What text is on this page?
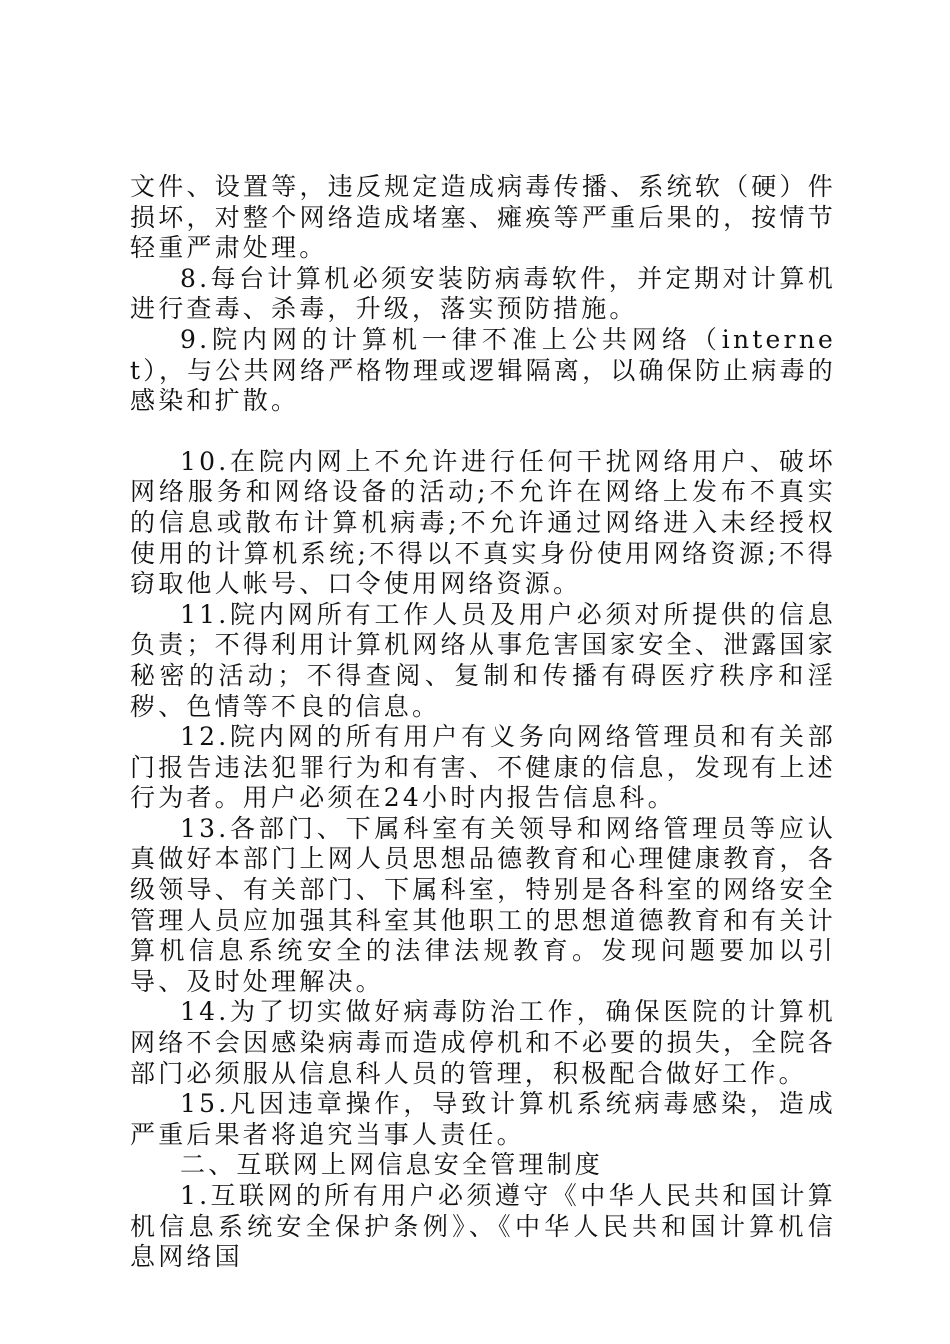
文件、设置等，违反规定造成病毒传播、系统软（硬）件损坏，对整个网络造成堵塞、瘫痪等严重后果的，按情节轻重严肃处理。

8.每台计算机必须安装防病毒软件，并定期对计算机进行查毒、杀毒，升级，落实预防措施。

9.院内网的计算机一律不准上公共网络（internet），与公共网络严格物理或逻辑隔离，以确保防止病毒的感染和扩散。

10.在院内网上不允许进行任何干扰网络用户、破坏网络服务和网络设备的活动;不允许在网络上发布不真实的信息或散布计算机病毒;不允许通过网络进入未经授权使用的计算机系统;不得以不真实身份使用网络资源;不得窃取他人帐号、口令使用网络资源。

11.院内网所有工作人员及用户必须对所提供的信息负责；不得利用计算机网络从事危害国家安全、泄露国家秘密的活动；不得查阅、复制和传播有碍医疗秩序和淫秽、色情等不良的信息。

12.院内网的所有用户有义务向网络管理员和有关部门报告违法犯罪行为和有害、不健康的信息，发现有上述行为者。用户必须在24小时内报告信息科。

13.各部门、下属科室有关领导和网络管理员等应认真做好本部门上网人员思想品德教育和心理健康教育，各级领导、有关部门、下属科室，特别是各科室的网络安全管理人员应加强其科室其他职工的思想道德教育和有关计算机信息系统安全的法律法规教育。发现问题要加以引导、及时处理解决。

14.为了切实做好病毒防治工作，确保医院的计算机网络不会因感染病毒而造成停机和不必要的损失，全院各部门必须服从信息科人员的管理，积极配合做好工作。

15.凡因违章操作，导致计算机系统病毒感染，造成严重后果者将追究当事人责任。

二、互联网上网信息安全管理制度

1.互联网的所有用户必须遵守《中华人民共和国计算机信息系统安全保护条例》、《中华人民共和国计算机信息网络国
